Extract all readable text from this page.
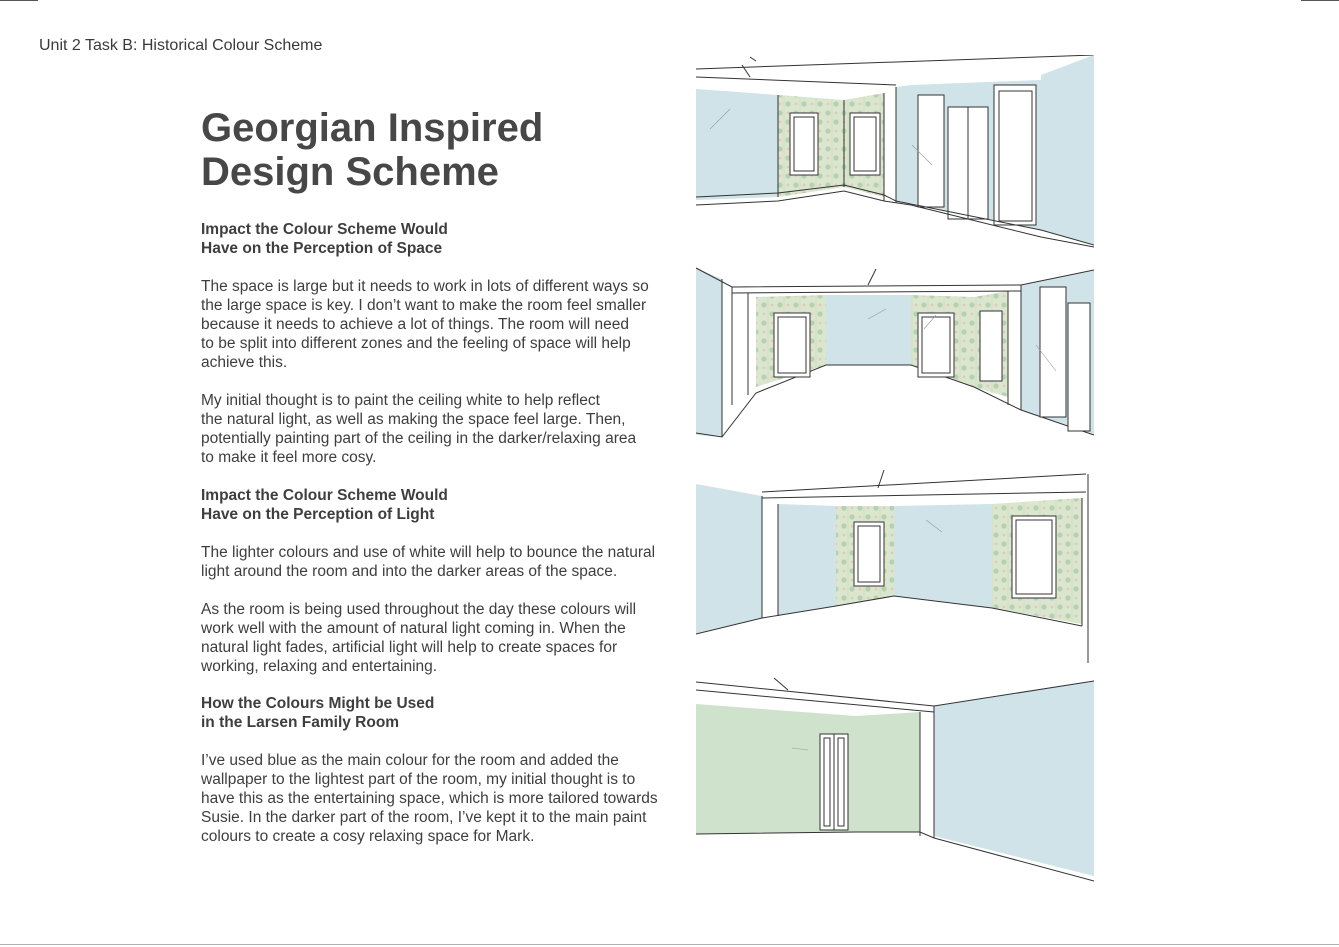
Unit 2 Task B: Historical Colour Scheme
Georgian Inspired
Design Scheme
Impact the Colour Scheme Would
Have on the Perception of Space

The space is large but it needs to work in lots of different ways so
the large space is key. I don’t want to make the room feel smaller
because it needs to achieve a lot of things. The room will need
to be split into different zones and the feeling of space will help
achieve this.

My initial thought is to paint the ceiling white to help reflect
the natural light, as well as making the space feel large. Then,
potentially painting part of the ceiling in the darker/relaxing area
to make it feel more cosy.

Impact the Colour Scheme Would
Have on the Perception of Light

The lighter colours and use of white will help to bounce the natural
light around the room and into the darker areas of the space.

As the room is being used throughout the day these colours will
work well with the amount of natural light coming in. When the
natural light fades, artificial light will help to create spaces for
working, relaxing and entertaining.

How the Colours Might be Used
in the Larsen Family Room

I’ve used blue as the main colour for the room and added the
wallpaper to the lightest part of the room, my initial thought is to
have this as the entertaining space, which is more tailored towards
Susie. In the darker part of the room, I’ve kept it to the main paint
colours to create a cosy relaxing space for Mark.
